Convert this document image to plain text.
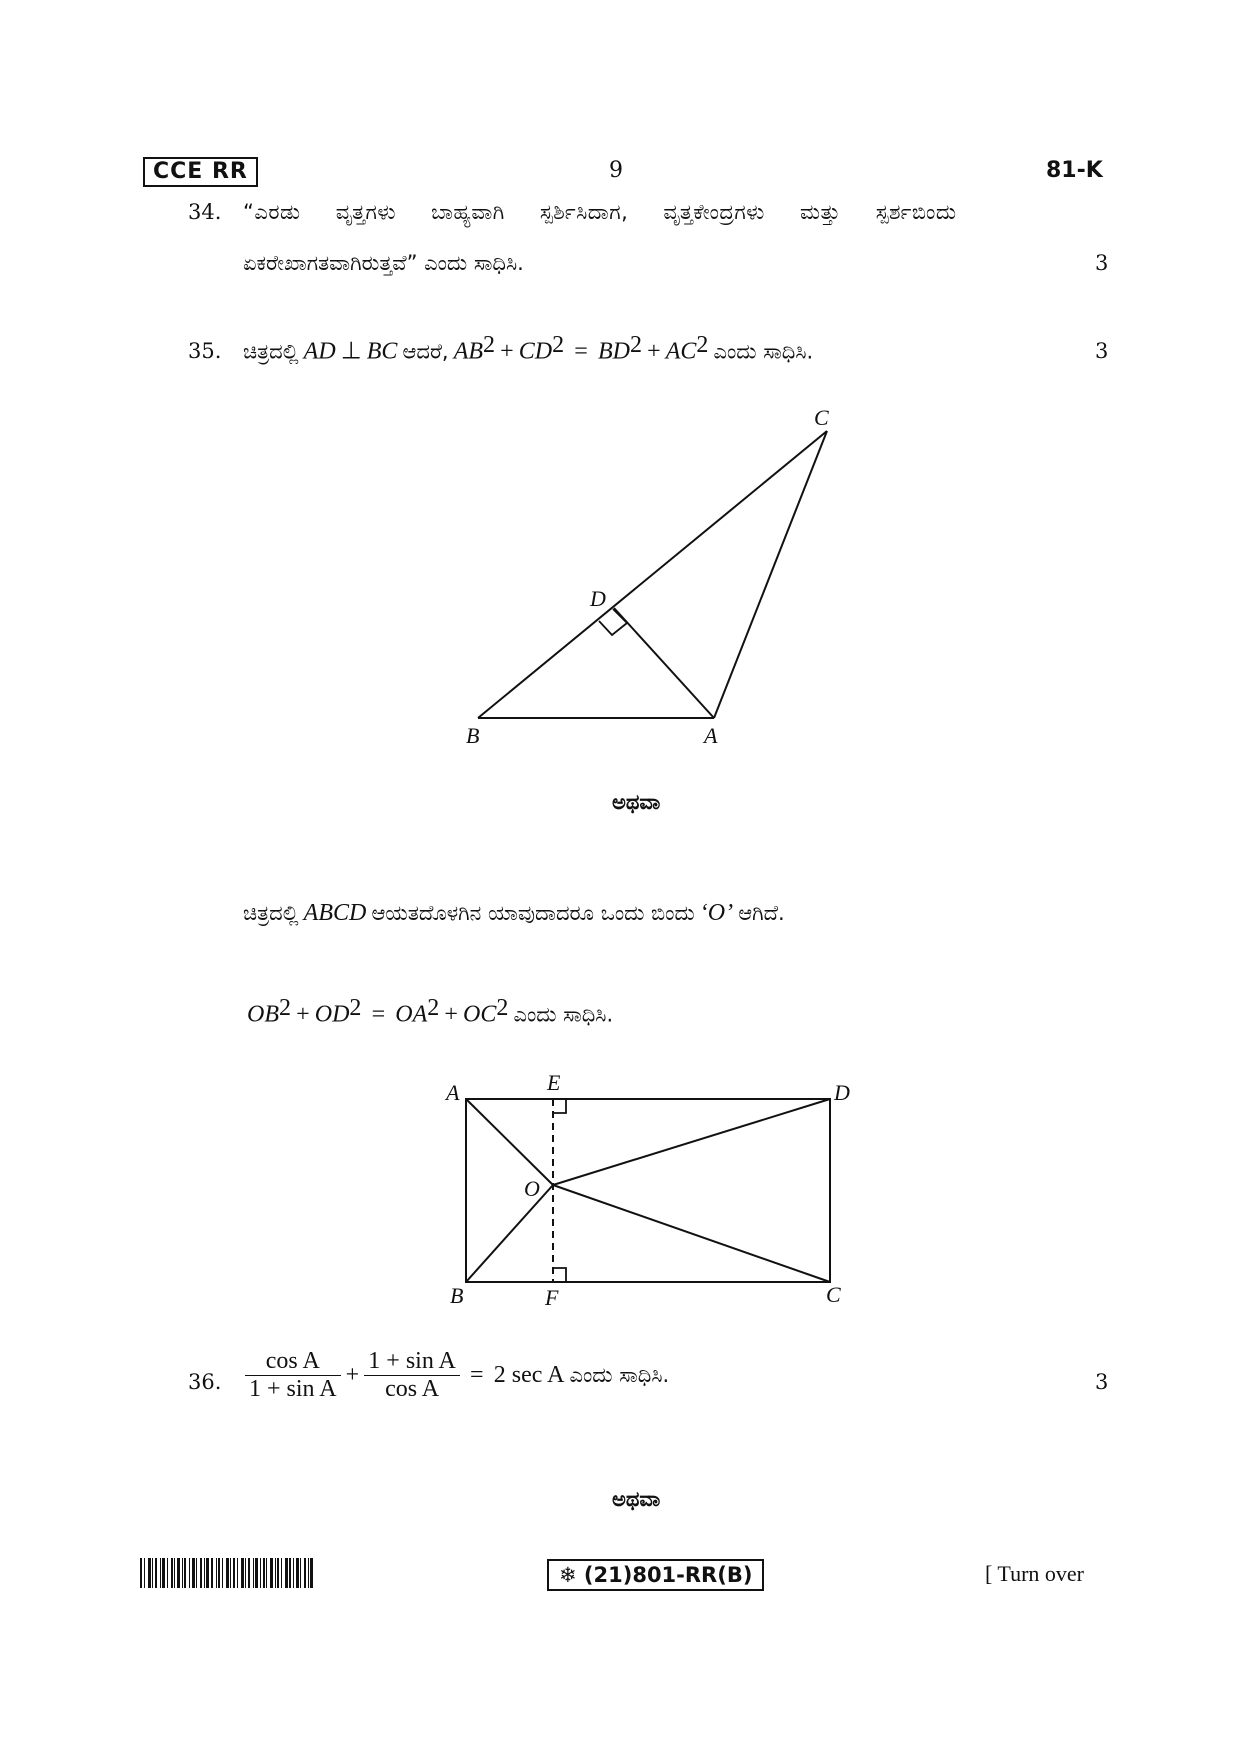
CCE RR	9	81-K
34. “ಎರಡು ವೃತ್ತಗಳು ಬಾಹ್ಯವಾಗಿ ಸ್ಪರ್ಶಿಸಿದಾಗ, ವೃತ್ತಕೇಂದ್ರಗಳು ಮತ್ತು ಸ್ಪರ್ಶಬಿಂದು
ಏಕರೇಖಾಗತವಾಗಿರುತ್ತವೆ” ಎಂದು ಸಾಧಿಸಿ.	3
35. ಚಿತ್ರದಲ್ಲಿ AD ⊥ BC ಆದರೆ, $AB^2 + CD^2 = BD^2 + AC^2$ ಎಂದು ಸಾಧಿಸಿ.	3
C
D
B	A
ಅಥವಾ
ಚಿತ್ರದಲ್ಲಿ ABCD ಆಯತದೊಳಗಿನ ಯಾವುದಾದರೂ ಒಂದು ಬಿಂದು ‘O’ ಆಗಿದೆ.
$OB^2 + OD^2 = OA^2 + OC^2$ ಎಂದು ಸಾಧಿಸಿ.
A	E	D
O
B	F	C
36. $\frac{\text{cos A}}{\text{1 + sin A}} + \frac{\text{1 + sin A}}{\text{cos A}} = 2$ sec A ಎಂದು ಸಾಧಿಸಿ.	3
ಅಥವಾ
❄ (21)801-RR(B)	[ Turn over
